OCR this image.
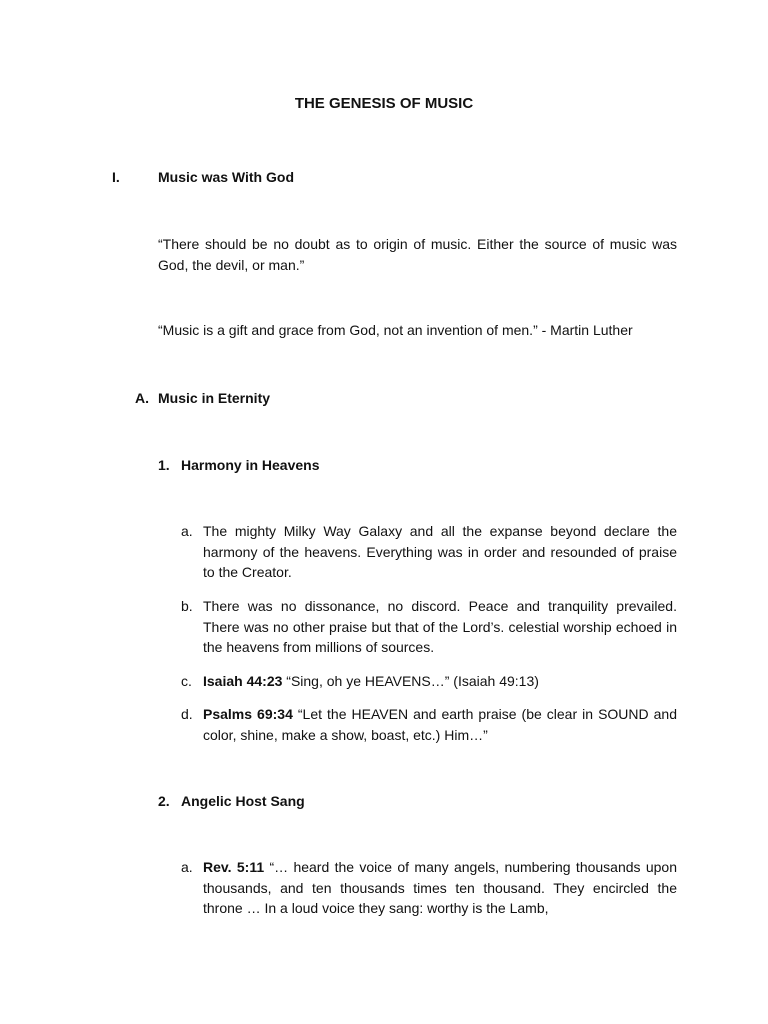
THE GENESIS OF MUSIC
I.	Music was With God
“There should be no doubt as to origin of music. Either the source of music was God, the devil, or man.”
“Music is a gift and grace from God, not an invention of men.” - Martin Luther
A. Music in Eternity
1. Harmony in Heavens
a. The mighty Milky Way Galaxy and all the expanse beyond declare the harmony of the heavens. Everything was in order and resounded of praise to the Creator.
b. There was no dissonance, no discord. Peace and tranquility prevailed. There was no other praise but that of the Lord’s. celestial worship echoed in the heavens from millions of sources.
c. Isaiah 44:23 “Sing, oh ye HEAVENS…” (Isaiah 49:13)
d. Psalms 69:34 “Let the HEAVEN and earth praise (be clear in SOUND and color, shine, make a show, boast, etc.) Him…”
2. Angelic Host Sang
a. Rev. 5:11 “… heard the voice of many angels, numbering thousands upon thousands, and ten thousands times ten thousand. They encircled the throne … In a loud voice they sang: worthy is the Lamb,
